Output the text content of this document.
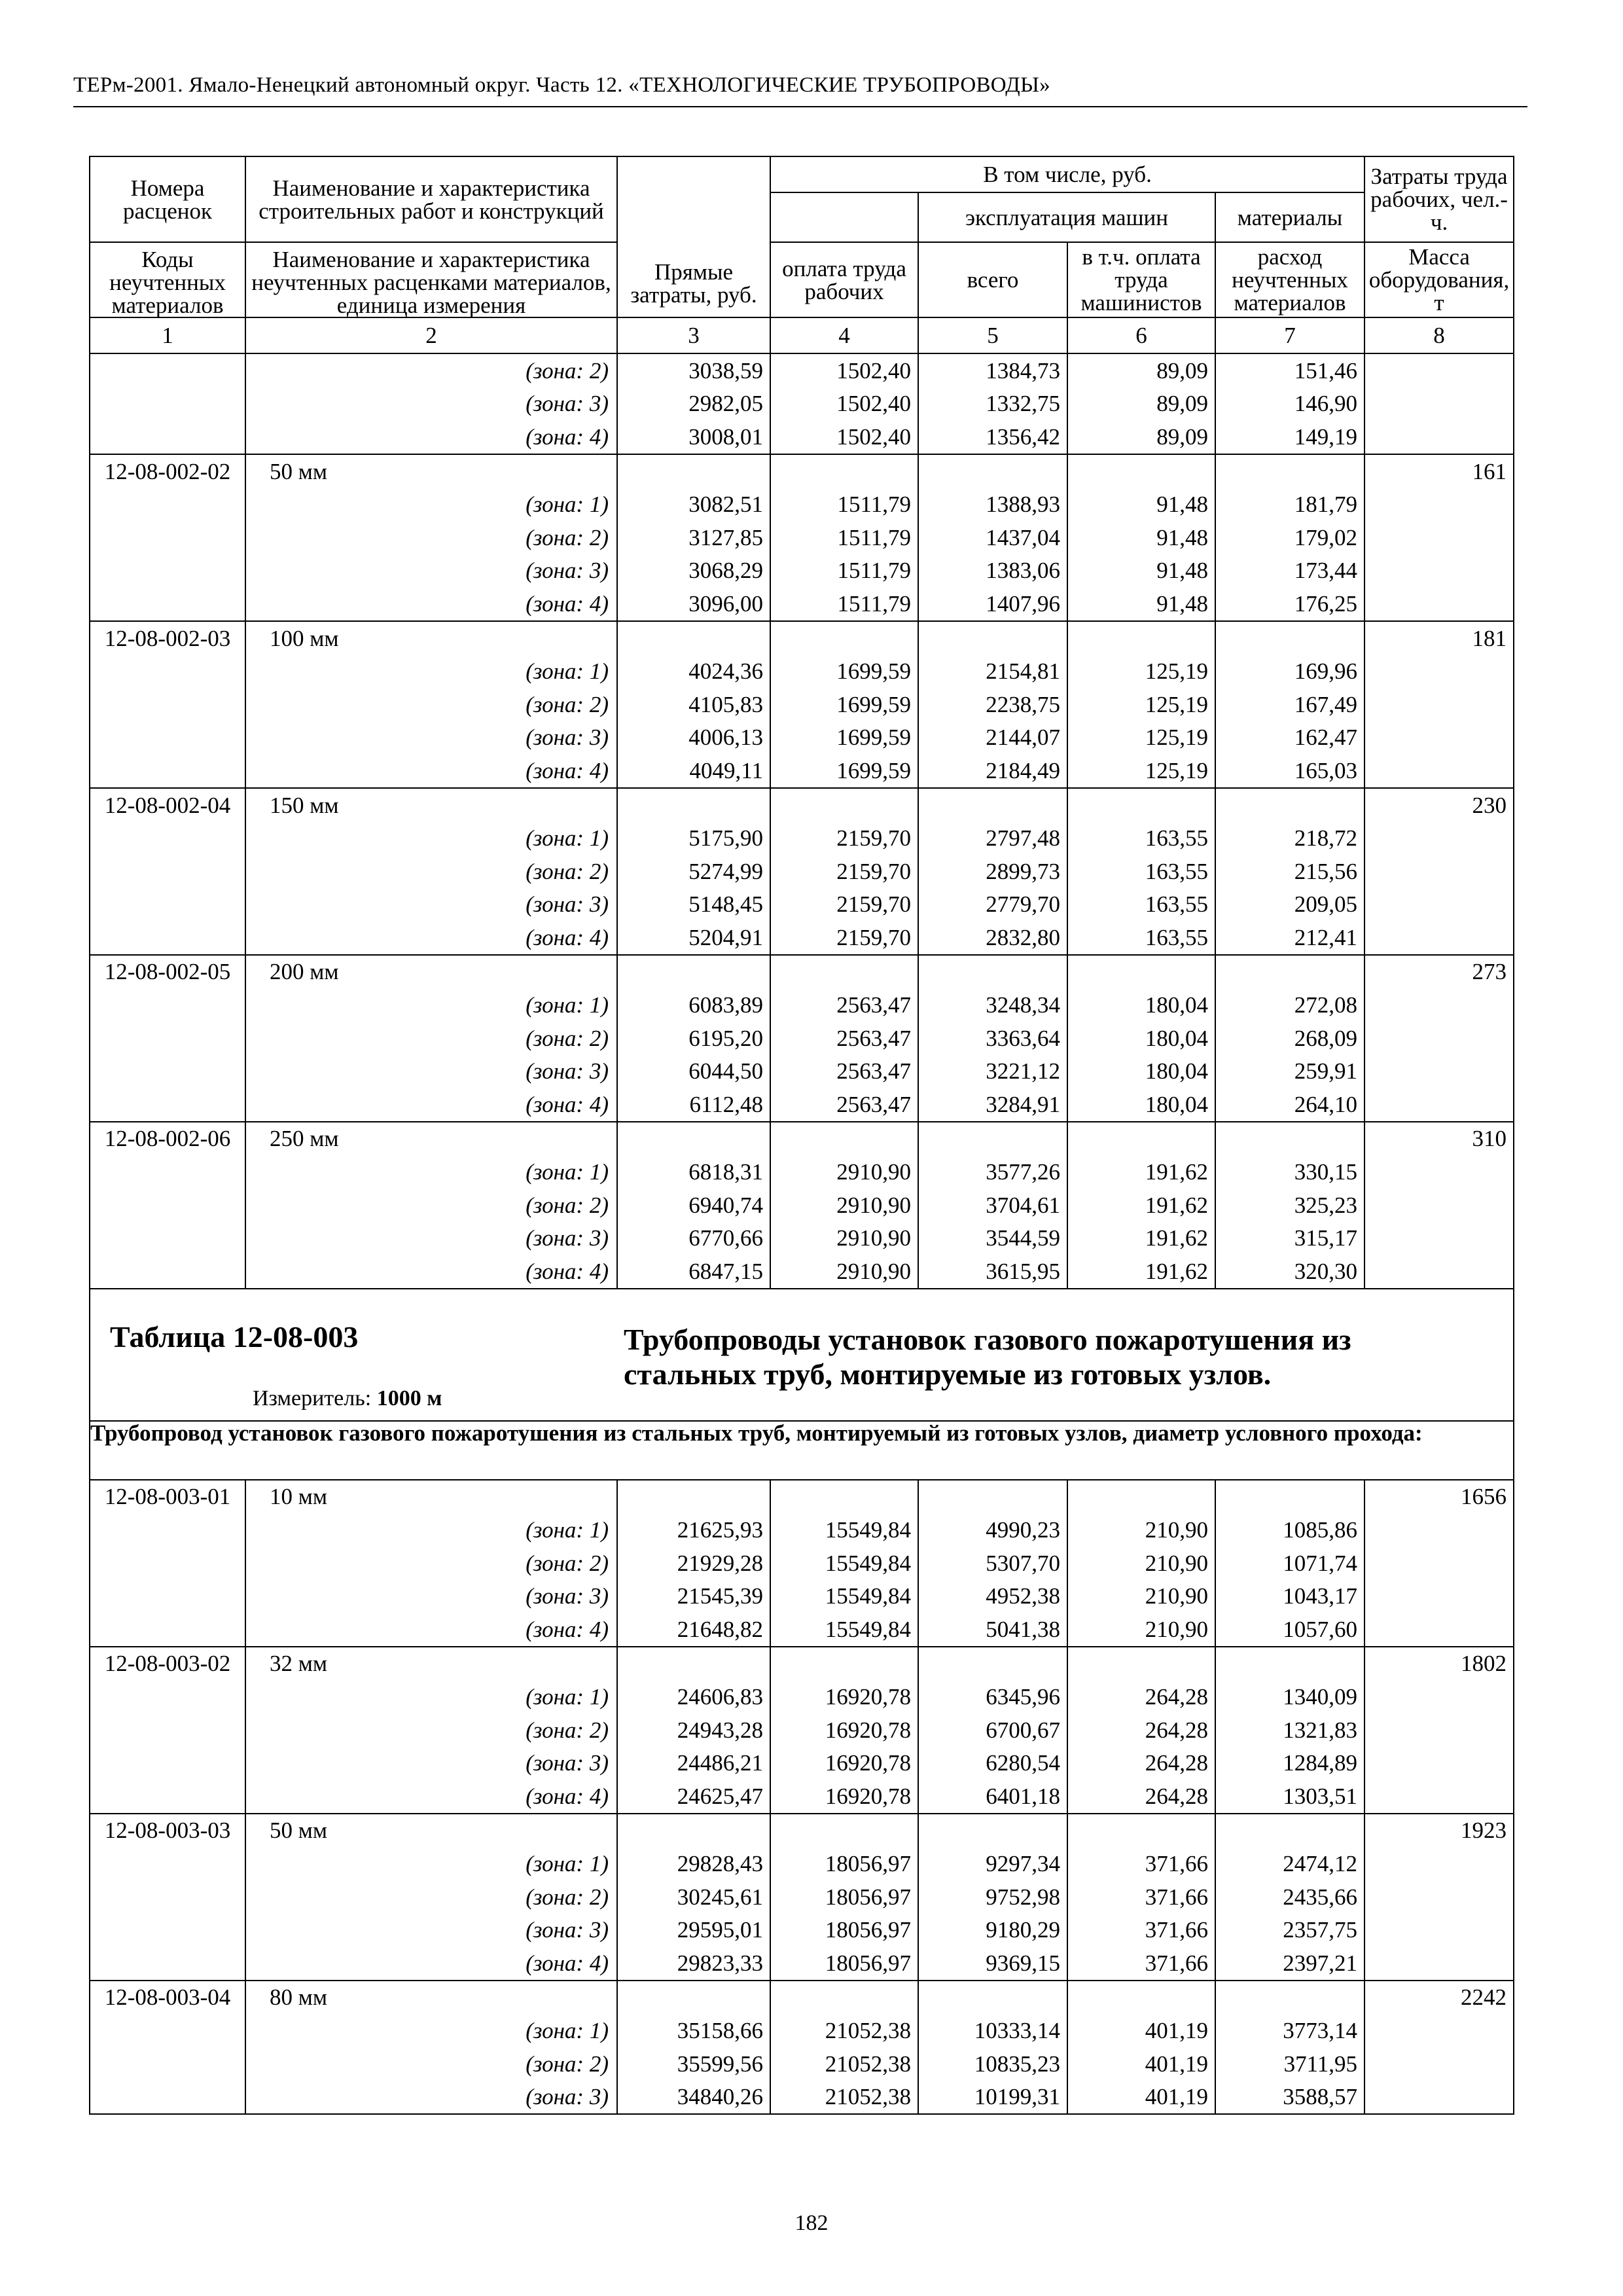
ТЕРм-2001. Ямало-Ненецкий автономный округ. Часть 12. «ТЕХНОЛОГИЧЕСКИЕ ТРУБОПРОВОДЫ»
Номера расценок	Наименование и характеристика строительных работ и конструкций	Прямые затраты, руб.	В том числе, руб.				Затраты труда рабочих, чел.-ч.
				эксплуатация машин		материалы	

Коды неучтенных материалов	Наименование и характеристика неучтенных расценками материалов, единица измерения		оплата труда рабочих	всего	в т.ч. оплата труда машинистов	расход неучтенных материалов	Масса оборудования, т

1	2	3	4	5	6	7	8
	(зона: 2)	3038,59	1502,40	1384,73	89,09	151,46	
	(зона: 3)	2982,05	1502,40	1332,75	89,09	146,90	
	(зона: 4)	3008,01	1502,40	1356,42	89,09	149,19	
12-08-002-02	50 мм						161
	(зона: 1)	3082,51	1511,79	1388,93	91,48	181,79	
	(зона: 2)	3127,85	1511,79	1437,04	91,48	179,02	
	(зона: 3)	3068,29	1511,79	1383,06	91,48	173,44	
	(зона: 4)	3096,00	1511,79	1407,96	91,48	176,25	
12-08-002-03	100 мм						181
	(зона: 1)	4024,36	1699,59	2154,81	125,19	169,96	
	(зона: 2)	4105,83	1699,59	2238,75	125,19	167,49	
	(зона: 3)	4006,13	1699,59	2144,07	125,19	162,47	
	(зона: 4)	4049,11	1699,59	2184,49	125,19	165,03	
12-08-002-04	150 мм						230
	(зона: 1)	5175,90	2159,70	2797,48	163,55	218,72	
	(зона: 2)	5274,99	2159,70	2899,73	163,55	215,56	
	(зона: 3)	5148,45	2159,70	2779,70	163,55	209,05	
	(зона: 4)	5204,91	2159,70	2832,80	163,55	212,41	
12-08-002-05	200 мм						273
	(зона: 1)	6083,89	2563,47	3248,34	180,04	272,08	
	(зона: 2)	6195,20	2563,47	3363,64	180,04	268,09	
	(зона: 3)	6044,50	2563,47	3221,12	180,04	259,91	
	(зона: 4)	6112,48	2563,47	3284,91	180,04	264,10	
12-08-002-06	250 мм						310
	(зона: 1)	6818,31	2910,90	3577,26	191,62	330,15	
	(зона: 2)	6940,74	2910,90	3704,61	191,62	325,23	
	(зона: 3)	6770,66	2910,90	3544,59	191,62	315,17	
	(зона: 4)	6847,15	2910,90	3615,95	191,62	320,30	

Таблица 12-08-003 Трубопроводы установок газового пожаротушения из стальных труб, монтируемые из готовых узлов.
Измеритель: 1000 м							

Трубопровод установок газового пожаротушения из стальных труб, монтируемый из готовых узлов, диаметр условного прохода:							
12-08-003-01	10 мм						1656
	(зона: 1)	21625,93	15549,84	4990,23	210,90	1085,86	
	(зона: 2)	21929,28	15549,84	5307,70	210,90	1071,74	
	(зона: 3)	21545,39	15549,84	4952,38	210,90	1043,17	
	(зона: 4)	21648,82	15549,84	5041,38	210,90	1057,60	
12-08-003-02	32 мм						1802
	(зона: 1)	24606,83	16920,78	6345,96	264,28	1340,09	
	(зона: 2)	24943,28	16920,78	6700,67	264,28	1321,83	
	(зона: 3)	24486,21	16920,78	6280,54	264,28	1284,89	
	(зона: 4)	24625,47	16920,78	6401,18	264,28	1303,51	
12-08-003-03	50 мм						1923
	(зона: 1)	29828,43	18056,97	9297,34	371,66	2474,12	
	(зона: 2)	30245,61	18056,97	9752,98	371,66	2435,66	
	(зона: 3)	29595,01	18056,97	9180,29	371,66	2357,75	
	(зона: 4)	29823,33	18056,97	9369,15	371,66	2397,21	
12-08-003-04	80 мм						2242
	(зона: 1)	35158,66	21052,38	10333,14	401,19	3773,14	
	(зона: 2)	35599,56	21052,38	10835,23	401,19	3711,95	
	(зона: 3)	34840,26	21052,38	10199,31	401,19	3588,57	
182
